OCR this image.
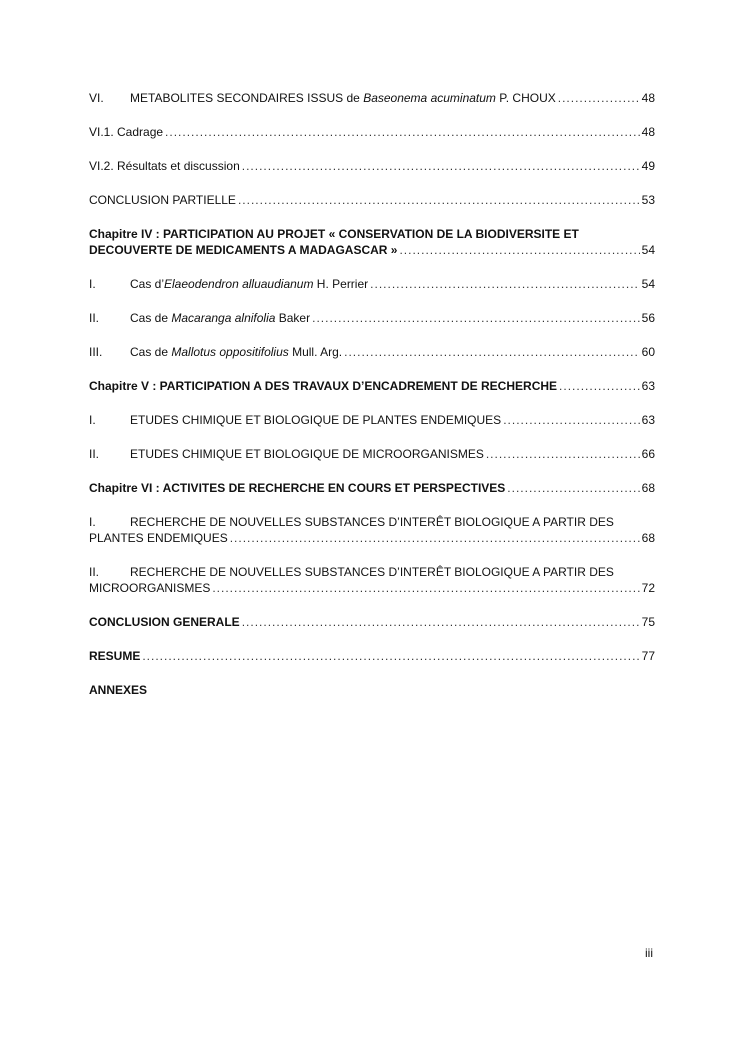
VI.	METABOLITES SECONDAIRES ISSUS de Baseonema acuminatum P. CHOUX .....	48
VI.1. Cadrage .....	48
VI.2. Résultats et discussion .....	49
CONCLUSION PARTIELLE .....	53
Chapitre IV : PARTICIPATION AU PROJET « CONSERVATION DE LA BIODIVERSITE ET
DECOUVERTE DE MEDICAMENTS A MADAGASCAR » .....	54
I.	Cas d’Elaeodendron alluaudianum H. Perrier .....	54
II.	Cas de Macaranga alnifolia Baker .....	56
III.	Cas de Mallotus oppositifolius Mull. Arg. .....	60
Chapitre V : PARTICIPATION A DES TRAVAUX D’ENCADREMENT DE RECHERCHE .....	63
I.	ETUDES CHIMIQUE ET BIOLOGIQUE DE PLANTES ENDEMIQUES .....	63
II.	ETUDES CHIMIQUE ET BIOLOGIQUE DE MICROORGANISMES .....	66
Chapitre VI : ACTIVITES DE RECHERCHE EN COURS ET PERSPECTIVES .....	68
I.	RECHERCHE DE NOUVELLES SUBSTANCES D’INTERÊT BIOLOGIQUE A PARTIR DES
PLANTES ENDEMIQUES .....	68
II.	RECHERCHE DE NOUVELLES SUBSTANCES D’INTERÊT BIOLOGIQUE A PARTIR DES
MICROORGANISMES .....	72
CONCLUSION GENERALE .....	75
RESUME .....	77
ANNEXES
iii
